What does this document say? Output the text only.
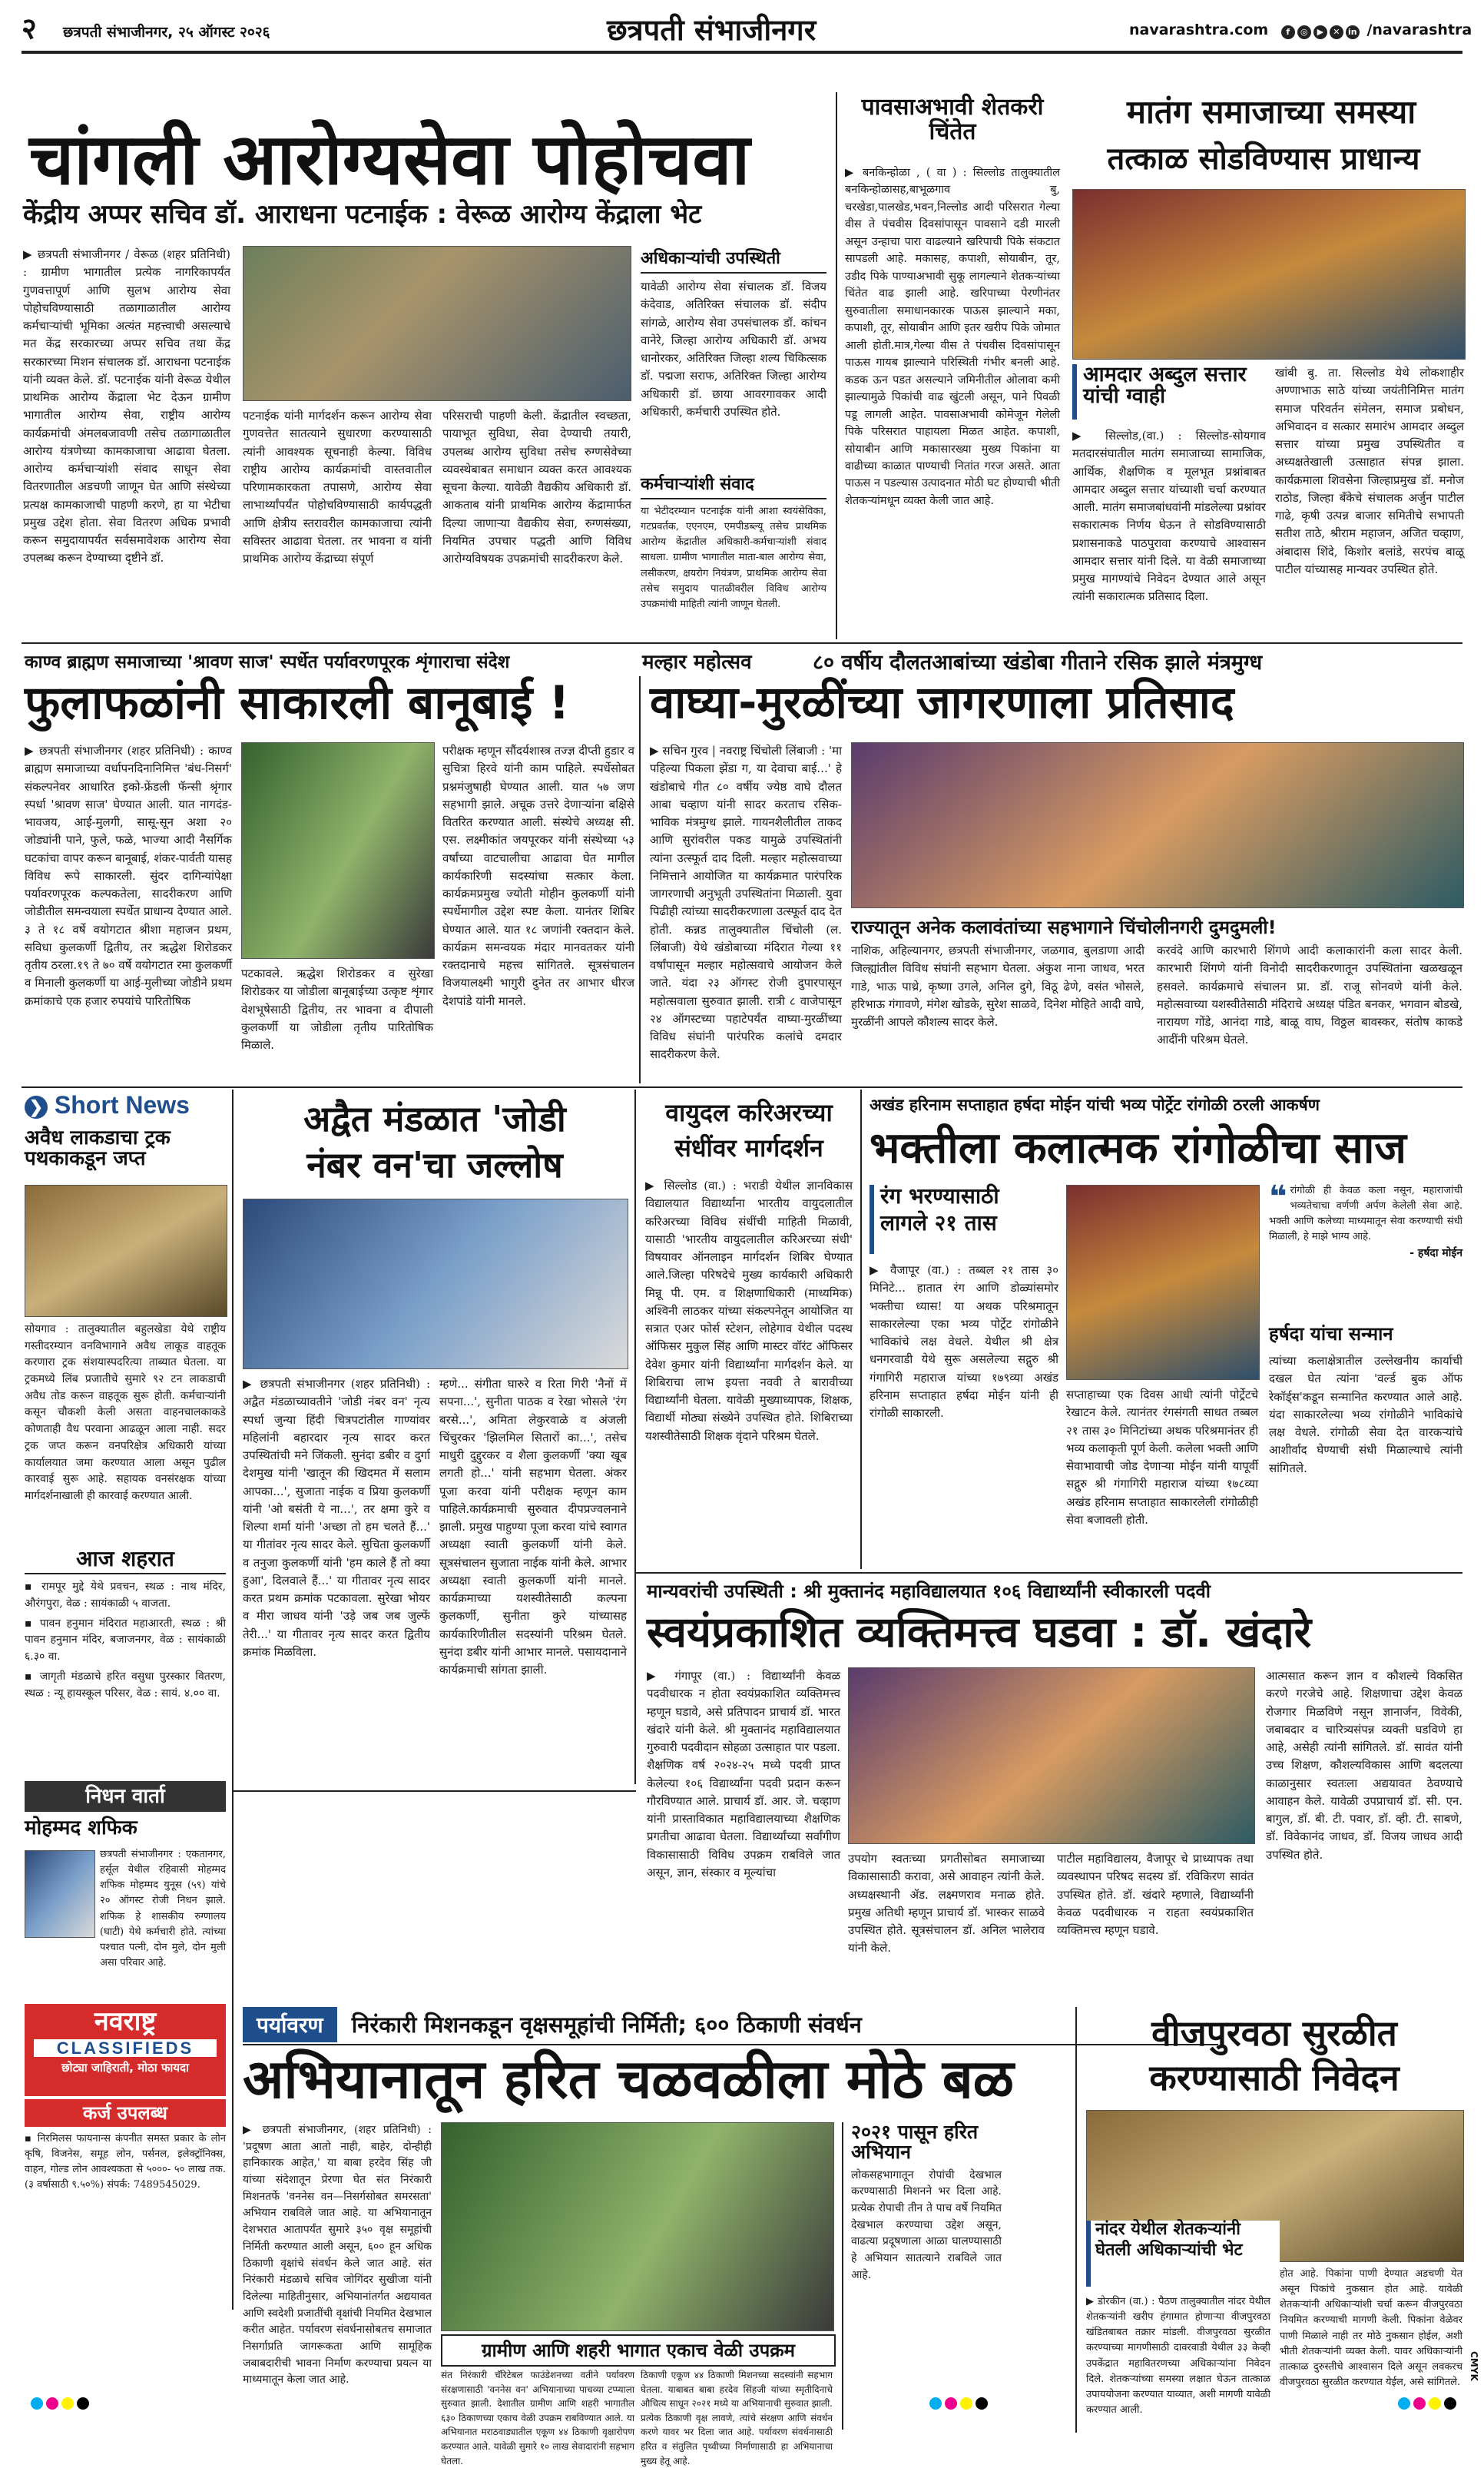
२ छत्रपती संभाजीनगर, २५ ऑगस्ट २०२६	छत्रपती संभाजीनगर	navarashtra.com f ◎ ▶ ✕ in /navarashtra
चांगली आरोग्यसेवा पोहोचवा
केंद्रीय अप्पर सचिव डॉ. आराधना पटनाईक : वेरूळ आरोग्य केंद्राला भेट
▶ छत्रपती संभाजीनगर / वेरूळ (शहर प्रतिनिधी) : ग्रामीण भागातील प्रत्येक नागरिकापर्यंत गुणवत्तापूर्ण आणि सुलभ आरोग्य सेवा पोहोचविण्यासाठी तळागाळातील आरोग्य कर्मचाऱ्यांची भूमिका अत्यंत महत्त्वाची असल्याचे मत केंद्र सरकारच्या अप्पर सचिव तथा केंद्र सरकारच्या मिशन संचालक डॉ. आराधना पटनाईक यांनी व्यक्त केले. डॉ. पटनाईक यांनी वेरूळ येथील प्राथमिक आरोग्य केंद्राला भेट देऊन ग्रामीण भागातील आरोग्य सेवा, राष्ट्रीय आरोग्य कार्यक्रमांची अंमलबजावणी तसेच तळागाळातील आरोग्य यंत्रणेच्या कामकाजाचा आढावा घेतला. आरोग्य कर्मचाऱ्यांशी संवाद साधून सेवा वितरणातील अडचणी जाणून घेत आणि संस्थेच्या प्रत्यक्ष कामकाजाची पाहणी करणे, हा या भेटीचा प्रमुख उद्देश होता. सेवा वितरण अधिक प्रभावी करून समुदायापर्यंत सर्वसमावेशक आरोग्य सेवा उपलब्ध करून देण्याच्या दृष्टीने डॉ.
पटनाईक यांनी मार्गदर्शन करून आरोग्य सेवा गुणवत्तेत सातत्याने सुधारणा करण्यासाठी त्यांनी आवश्यक सूचनाही केल्या. विविध राष्ट्रीय आरोग्य कार्यक्रमांची वास्तवातील परिणामकारकता तपासणे, आरोग्य सेवा लाभार्थ्यांपर्यंत पोहोचविण्यासाठी कार्यपद्धती आणि क्षेत्रीय स्तरावरील कामकाजाचा त्यांनी सविस्तर आढावा घेतला. तर भावना व यांनी प्राथमिक आरोग्य केंद्राच्या संपूर्ण
परिसराची पाहणी केली. केंद्रातील स्वच्छता, पायाभूत सुविधा, सेवा देण्याची तयारी, उपलब्ध आरोग्य सुविधा तसेच रुग्णसेवेच्या व्यवस्थेबाबत समाधान व्यक्त करत आवश्यक सूचना केल्या. यावेळी वैद्यकीय अधिकारी डॉ. आकताब यांनी प्राथमिक आरोग्य केंद्रामार्फत दिल्या जाणाऱ्या वैद्यकीय सेवा, रुग्णसंख्या, नियमित उपचार पद्धती आणि विविध आरोग्यविषयक उपक्रमांची सादरीकरण केले.
अधिकाऱ्यांची उपस्थिती
यावेळी आरोग्य सेवा संचालक डॉ. विजय कंदेवाड, अतिरिक्त संचालक डॉ. संदीप सांगळे, आरोग्य सेवा उपसंचालक डॉ. कांचन वानेरे, जिल्हा आरोग्य अधिकारी डॉ. अभय धानोरकर, अतिरिक्त जिल्हा शल्य चिकित्सक डॉ. पद्मजा सराफ, अतिरिक्त जिल्हा आरोग्य अधिकारी डॉ. छाया आवरगावकर आदी अधिकारी, कर्मचारी उपस्थित होते.
कर्मचाऱ्यांशी संवाद
या भेटीदरम्यान पटनाईक यांनी आशा स्वयंसेविका, गटप्रवर्तक, एएनएम, एमपीडब्ल्यू तसेच प्राथमिक आरोग्य केंद्रातील अधिकारी-कर्मचाऱ्यांशी संवाद साधला. ग्रामीण भागातील माता-बाल आरोग्य सेवा, लसीकरण, क्षयरोग नियंत्रण, प्राथमिक आरोग्य सेवा तसेच समुदाय पातळीवरील विविध आरोग्य उपक्रमांची माहिती त्यांनी जाणून घेतली.
पावसाअभावी शेतकरी चिंतेत
▶ बनकिन्होळा , ( वा ) : सिल्लोड तालुक्यातील बनकिन्होळासह,बाभूळगाव बु, चरखेडा,पालखेड,भवन,निल्लोड आदी परिसरात गेल्या वीस ते पंचवीस दिवसांपासून पावसाने दडी मारली असून उन्हाचा पारा वाढल्याने खरिपाची पिके संकटात सापडली आहे. मकासह, कपाशी, सोयाबीन, तूर, उडीद पिके पाण्याअभावी सुकू लागल्याने शेतकऱ्यांच्या चिंतेत वाढ झाली आहे. खरिपाच्या पेरणीनंतर सुरुवातीला समाधानकारक पाऊस झाल्याने मका, कपाशी, तूर, सोयाबीन आणि इतर खरीप पिके जोमात आली होती.मात्र,गेल्या वीस ते पंचवीस दिवसांपासून पाऊस गायब झाल्याने परिस्थिती गंभीर बनली आहे. कडक ऊन पडत असल्याने जमिनीतील ओलावा कमी झाल्यामुळे पिकांची वाढ खुंटली असून, पाने पिवळी पडू लागली आहेत. पावसाअभावी कोमेजून गेलेली पिके परिसरात पाहायला मिळत आहेत. कपाशी, सोयाबीन आणि मकासारख्या मुख्य पिकांना या वाढीच्या काळात पाण्याची नितांत गरज असते. आता पाऊस न पडल्यास उत्पादनात मोठी घट होण्याची भीती शेतकऱ्यांमधून व्यक्त केली जात आहे.
मातंग समाजाच्या समस्या
तत्काळ सोडविण्यास प्राधान्य
आमदार अब्दुल सत्तार यांची ग्वाही
▶ सिल्लोड,(वा.) : सिल्लोड-सोयगाव मतदारसंघातील मातंग समाजाच्या सामाजिक, आर्थिक, शैक्षणिक व मूलभूत प्रश्नांबाबत आमदार अब्दुल सत्तार यांच्याशी चर्चा करण्यात आली. मातंग समाजबांधवांनी मांडलेल्या प्रश्नांवर सकारात्मक निर्णय घेऊन ते सोडविण्यासाठी प्रशासनाकडे पाठपुरावा करण्याचे आश्वासन आमदार सत्तार यांनी दिले. या वेळी समाजाच्या प्रमुख मागण्यांचे निवेदन देण्यात आले असून त्यांनी सकारात्मक प्रतिसाद दिला.
खांबी बु. ता. सिल्लोड येथे लोकशाहीर अण्णाभाऊ साठे यांच्या जयंतीनिमित्त मातंग समाज परिवर्तन संमेलन, समाज प्रबोधन, अभिवादन व सत्कार समारंभ आमदार अब्दुल सत्तार यांच्या प्रमुख उपस्थितीत व अध्यक्षतेखाली उत्साहात संपन्न झाला. कार्यक्रमाला शिवसेना जिल्हाप्रमुख डॉ. मनोज राठोड, जिल्हा बँकेचे संचालक अर्जुन पाटील गाढे, कृषी उत्पन्न बाजार समितीचे सभापती सतीश ताठे, श्रीराम महाजन, अजित चव्हाण, अंबादास शिंदे, किशोर बलांडे, सरपंच बाळू पाटील यांच्यासह मान्यवर उपस्थित होते.
काण्व ब्राह्मण समाजाच्या 'श्रावण साज' स्पर्धेत पर्यावरणपूरक शृंगाराचा संदेश	मल्हार महोत्सव	८० वर्षीय दौलतआबांच्या खंडोबा गीताने रसिक झाले मंत्रमुग्ध
फुलाफळांनी साकारली बानूबाई !
▶ छत्रपती संभाजीनगर (शहर प्रतिनिधी) : काण्व ब्राह्मण समाजाच्या वर्धापनदिनानिमित्त 'बंध-निसर्ग' संकल्पनेवर आधारित इको-फ्रेंडली फॅन्सी श्रृंगार स्पर्धा 'श्रावण साज' घेण्यात आली. यात नागदंड-भावजय, आई-मुलगी, सासू-सून अशा २० जोड्यांनी पाने, फुले, फळे, भाज्या आदी नैसर्गिक घटकांचा वापर करून बानूबाई, शंकर-पार्वती यासह विविध रूपे साकारली. सुंदर दागिन्यांपेक्षा पर्यावरणपूरक कल्पकतेला, सादरीकरण आणि जोडीतील समन्वयाला स्पर्धेत प्राधान्य देण्यात आले. ३ ते १८ वर्षे वयोगटात श्रीशा महाजन प्रथम, सविधा कुलकर्णी द्वितीय, तर ऋद्धेश शिरोडकर तृतीय ठरला.१९ ते ७० वर्षे वयोगटात रमा कुलकर्णी व मिनाली कुलकर्णी या आई-मुलीच्या जोडीने प्रथम क्रमांकाचे एक हजार रुपयांचे पारितोषिक
पटकावले. ऋद्धेश शिरोडकर व सुरेखा शिरोडकर या जोडीला बानूबाईच्या उत्कृष्ट शृंगार वेशभूषेसाठी द्वितीय, तर भावना व दीपाली कुलकर्णी या जोडीला तृतीय पारितोषिक मिळाले.
परीक्षक म्हणून सौंदर्यशास्त्र तज्ज्ञ दीप्ती हुडार व सुचित्रा हिरवे यांनी काम पाहिले. स्पर्धेसोबत प्रश्नमंजुषाही घेण्यात आली. यात ५७ जण सहभागी झाले. अचूक उत्तरे देणाऱ्यांना बक्षिसे वितरित करण्यात आली. संस्थेचे अध्यक्ष सी. एस. लक्ष्मीकांत जयपूरकर यांनी संस्थेच्या ५३ वर्षांच्या वाटचालीचा आढावा घेत मागील कार्यकारिणी सदस्यांचा सत्कार केला. कार्यक्रमप्रमुख ज्योती मोहीन कुलकर्णी यांनी स्पर्धेमागील उद्देश स्पष्ट केला. यानंतर शिबिर घेण्यात आले. यात १८ जणांनी रक्तदान केले. कार्यक्रम समन्वयक मंदार मानवतकर यांनी रक्तदानाचे महत्त्व सांगितले. सूत्रसंचालन विजयालक्ष्मी भागुरी दुनेत तर आभार धीरज देशपांडे यांनी मानले.
वाघ्या-मुरळींच्या जागरणाला प्रतिसाद
▶ सचिन गुरव | नवराष्ट्र चिंचोली लिंबाजी : 'मा पहिल्या पिकला झेंडा ग, या देवाचा बाई...' हे खंडोबाचे गीत ८० वर्षीय ज्येष्ठ वाघे दौलत आबा चव्हाण यांनी सादर करताच रसिक-भाविक मंत्रमुग्ध झाले. गायनशैलीतील ताकद आणि सुरांवरील पकड यामुळे उपस्थितांनी त्यांना उत्स्फूर्त दाद दिली. मल्हार महोत्सवाच्या निमित्ताने आयोजित या कार्यक्रमात पारंपरिक जागरणाची अनुभूती उपस्थितांना मिळाली. युवा पिढीही त्यांच्या सादरीकरणाला उत्स्फूर्त दाद देत होती. कन्नड तालुक्यातील चिंचोली (ल. लिंबाजी) येथे खंडोबाच्या मंदिरात गेल्या ११ वर्षांपासून मल्हार महोत्सवाचे आयोजन केले जाते. यंदा २३ ऑगस्ट रोजी दुपारपासून महोत्सवाला सुरुवात झाली. रात्री ८ वाजेपासून २४ ऑगस्टच्या पहाटेपर्यंत वाघ्या-मुरळींच्या विविध संघांनी पारंपरिक कलांचे दमदार सादरीकरण केले.
राज्यातून अनेक कलावंतांच्या सहभागाने चिंचोलीनगरी दुमदुमली!
नाशिक, अहिल्यानगर, छत्रपती संभाजीनगर, जळगाव, बुलडाणा आदी जिल्ह्यांतील विविध संघांनी सहभाग घेतला. अंकुश नाना जाधव, भरत गाडे, भाऊ पाथ्रे, कृष्णा उगले, अनिल दुगे, विठू ढेणे, वसंत भोसले, हरिभाऊ गंगावणे, मंगेश खोडके, सुरेश साळवे, दिनेश मोहिते आदी वाघे, मुरळींनी आपले कौशल्य सादर केले.
करवंदे आणि कारभारी शिंगणे आदी कलाकारांनी कला सादर केली. कारभारी शिंगणे यांनी विनोदी सादरीकरणातून उपस्थितांना खळखळून हसवले. कार्यक्रमाचे संचालन प्रा. डॉ. राजू सोनवणे यांनी केले. महोत्सवाच्या यशस्वीतेसाठी मंदिराचे अध्यक्ष पंडित बनकर, भगवान बोडखे, नारायण गोंडे, आनंदा गाडे, बाळू वाघ, विठ्ठल बावस्कर, संतोष काकडे आदींनी परिश्रम घेतले.
❯ Short News
अवैध लाकडाचा ट्रक पथकाकडून जप्त
सोयगाव : तालुक्यातील बहुलखेडा येथे राष्ट्रीय गस्तीदरम्यान वनविभागाने अवैध लाकूड वाहतूक करणारा ट्रक संशयास्पदरित्या ताब्यात घेतला. या ट्रकमध्ये लिंब प्रजातीचे सुमारे ९२ टन लाकडाची अवैध तोड करून वाहतूक सुरू होती. कर्मचाऱ्यांनी कसून चौकशी केली असता वाहनचालकाकडे कोणताही वैध परवाना आढळून आला नाही. सदर ट्रक जप्त करून वनपरिक्षेत्र अधिकारी यांच्या कार्यालयात जमा करण्यात आला असून पुढील कारवाई सुरू आहे. सहायक वनसंरक्षक यांच्या मार्गदर्शनाखाली ही कारवाई करण्यात आली.
आज शहरात
▪ रामपूर मुद्दे येथे प्रवचन, स्थळ : नाथ मंदिर, औरंगपुरा, वेळ : सायंकाळी ५ वाजता.
▪ पावन हनुमान मंदिरात महाआरती, स्थळ : श्री पावन हनुमान मंदिर, बजाजनगर, वेळ : सायंकाळी ६.३० वा.
▪ जागृती मंडळाचे हरित वसुधा पुरस्कार वितरण, स्थळ : न्यू हायस्कूल परिसर, वेळ : सायं. ४.०० वा.
निधन वार्ता
मोहम्मद शफिक
छत्रपती संभाजीनगर : एकतानगर, हर्सूल येथील रहिवासी मोहम्मद शफिक मोहम्मद युनूस (५९) यांचे २० ऑगस्ट रोजी निधन झाले. शफिक हे शासकीय रुग्णालय (घाटी) येथे कर्मचारी होते. त्यांच्या पश्चात पत्नी, दोन मुले, दोन मुली असा परिवार आहे.
नवराष्ट्र
CLASSIFIEDS
छोट्या जाहिराती, मोठा फायदा
कर्ज उपलब्ध
▪ निरमिलस फायनान्स कंपनीत समस्त प्रकार के लोन कृषि, विजनेस, समूह लोन, पर्सनल, इलेक्ट्रॉनिक्स, वाहन, गोल्ड लोन आवश्यकता से ५०००- ५० लाख तक. (३ वर्षासाठी ९.५०%) संपर्क: 7489545029.
अद्वैत मंडळात 'जोडी
नंबर वन'चा जल्लोष
▶ छत्रपती संभाजीनगर (शहर प्रतिनिधी) : अद्वैत मंडळाच्यावतीने 'जोडी नंबर वन' नृत्य स्पर्धा जुन्या हिंदी चित्रपटांतील गाण्यांवर महिलांनी बहारदार नृत्य सादर करत उपस्थितांची मने जिंकली. सुनंदा डबीर व दुर्गा देशमुख यांनी 'खातून की खिदमत में सलाम आपका...', सुजाता नाईक व प्रिया कुलकर्णी यांनी 'ओ बसंती ये ना...', तर क्षमा कुरे व शिल्पा शर्मा यांनी 'अच्छा तो हम चलते हैं...' या गीतांवर नृत्य सादर केले. सुचिता कुलकर्णी व तनुजा कुलकर्णी यांनी 'हम काले हैं तो क्या हुआ', दिलवाले हैं...' या गीतावर नृत्य सादर करत प्रथम क्रमांक पटकावला. सुरेखा भोयर व मीरा जाधव यांनी 'उड़े जब जब जुल्फें तेरी...' या गीतावर नृत्य सादर करत द्वितीय क्रमांक मिळविला.
म्हणे... संगीता घारुरे व रिता गिरी 'नैनों में सपना...', सुनीता पाठक व रेखा भोसले 'रंग बरसे...', अमिता लेकुरवाळे व अंजली चिंचुरकर 'झिलमिल सितारों का...', तसेच माधुरी दुद्दुरकर व शैला कुलकर्णी 'क्या खूब लगती हो...' यांनी सहभाग घेतला. अंकर पूजा करवा यांनी परीक्षक म्हणून काम पाहिले.कार्यक्रमाची सुरुवात दीपप्रज्वलनाने झाली. प्रमुख पाहुण्या पूजा करवा यांचे स्वागत अध्यक्षा स्वाती कुलकर्णी यांनी केले. सूत्रसंचालन सुजाता नाईक यांनी केले. आभार अध्यक्षा स्वाती कुलकर्णी यांनी मानले. कार्यक्रमाच्या यशस्वीतेसाठी कल्पना कुलकर्णी, सुनीता कुरे यांच्यासह कार्यकारिणीतील सदस्यांनी परिश्रम घेतले. सुनंदा डबीर यांनी आभार मानले. पसायदानाने कार्यक्रमाची सांगता झाली.
वायुदल करिअरच्या
संधींवर मार्गदर्शन
▶ सिल्लोड (वा.) : भराडी येथील ज्ञानविकास विद्यालयात विद्यार्थ्यांना भारतीय वायुदलातील करिअरच्या विविध संधींची माहिती मिळावी, यासाठी 'भारतीय वायुदलातील करिअरच्या संधी' विषयावर ऑनलाइन मार्गदर्शन शिबिर घेण्यात आले.जिल्हा परिषदेचे मुख्य कार्यकारी अधिकारी मिन्नू पी. एम. व शिक्षणाधिकारी (माध्यमिक) अश्विनी लाठकर यांच्या संकल्पनेतून आयोजित या सत्रात एअर फोर्स स्टेशन, लोहेगाव येथील पदस्थ ऑफिसर मुकुल सिंह आणि मास्टर वॉरंट ऑफिसर देवेश कुमार यांनी विद्यार्थ्यांना मार्गदर्शन केले. या शिबिराचा लाभ इयत्ता नववी ते बारावीच्या विद्यार्थ्यांनी घेतला. यावेळी मुख्याध्यापक, शिक्षक, विद्यार्थी मोठ्या संख्येने उपस्थित होते. शिबिराच्या यशस्वीतेसाठी शिक्षक वृंदाने परिश्रम घेतले.
अखंड हरिनाम सप्ताहात हर्षदा मोईन यांची भव्य पोर्ट्रेट रांगोळी ठरली आकर्षण
भक्तीला कलात्मक रांगोळीचा साज
रंग भरण्यासाठी
लागले २१ तास
❝ रांगोळी ही केवळ कला नसून, महाराजांची भव्यतेचाचा वर्णणी अर्पण केलेली सेवा आहे. भक्ती आणि कलेच्या माध्यमातून सेवा करण्याची संधी मिळाली, हे माझे भाग्य आहे.
- हर्षदा मोईन
▶ वैजापूर (वा.) : तब्बल २१ तास ३० मिनिटे... हातात रंग आणि डोळ्यांसमोर भक्तीचा ध्यास! या अथक परिश्रमातून साकारलेल्या एका भव्य पोर्ट्रेट रांगोळीने भाविकांचे लक्ष वेधले. येथील श्री क्षेत्र धनगरवाडी येथे सुरू असलेल्या सद्गुरु श्री गंगागिरी महाराज यांच्या १७९व्या अखंड हरिनाम सप्ताहात हर्षदा मोईन यांनी ही रांगोळी साकारली.
सप्ताहाच्या एक दिवस आधी त्यांनी पोर्ट्रेटचे रेखाटन केले. त्यानंतर रंगसंगती साधत तब्बल २१ तास ३० मिनिटांच्या अथक परिश्रमानंतर ही भव्य कलाकृती पूर्ण केली. कलेला भक्ती आणि सेवाभावाची जोड देणाऱ्या मोईन यांनी यापूर्वी सद्गुरु श्री गंगागिरी महाराज यांच्या १७८व्या अखंड हरिनाम सप्ताहात साकारलेली रांगोळीही सेवा बजावली होती.
हर्षदा यांचा सन्मान
त्यांच्या कलाक्षेत्रातील उल्लेखनीय कार्याची दखल घेत त्यांना 'वर्ल्ड बुक ऑफ रेकॉर्ड्स'कडून सन्मानित करण्यात आले आहे. यंदा साकारलेल्या भव्य रांगोळीने भाविकांचे लक्ष वेधले. रांगोळी सेवा देत वारकऱ्यांचे आशीर्वाद घेण्याची संधी मिळाल्याचे त्यांनी सांगितले.
मान्यवरांची उपस्थिती : श्री मुक्तानंद महाविद्यालयात १०६ विद्यार्थ्यांनी स्वीकारली पदवी
स्वयंप्रकाशित व्यक्तिमत्त्व घडवा : डॉ. खंदारे
▶ गंगापूर (वा.) : विद्यार्थ्यांनी केवळ पदवीधारक न होता स्वयंप्रकाशित व्यक्तिमत्त्व म्हणून घडावे, असे प्रतिपादन प्राचार्य डॉ. भारत खंदारे यांनी केले. श्री मुक्तानंद महाविद्यालयात गुरुवारी पदवीदान सोहळा उत्साहात पार पडला. शैक्षणिक वर्ष २०२४-२५ मध्ये पदवी प्राप्त केलेल्या १०६ विद्यार्थ्यांना पदवी प्रदान करून गौरविण्यात आले. प्राचार्य डॉ. आर. जे. चव्हाण यांनी प्रास्ताविकात महाविद्यालयाच्या शैक्षणिक प्रगतीचा आढावा घेतला. विद्यार्थ्यांच्या सर्वांगीण विकासासाठी विविध उपक्रम राबविले जात असून, ज्ञान, संस्कार व मूल्यांचा
उपयोग स्वतःच्या प्रगतीसोबत समाजाच्या विकासासाठी करावा, असे आवाहन त्यांनी केले. अध्यक्षस्थानी ॲड. लक्ष्मणराव मनाळ होते. प्रमुख अतिथी म्हणून प्राचार्य डॉ. भास्कर साळवे उपस्थित होते. सूत्रसंचालन डॉ. अनिल भालेराव यांनी केले.
पाटील महाविद्यालय, वैजापूर चे प्राध्यापक तथा व्यवस्थापन परिषद सदस्य डॉ. रविकिरण सावंत उपस्थित होते. डॉ. खंदारे म्हणाले, विद्यार्थ्यांनी केवळ पदवीधारक न राहता स्वयंप्रकाशित व्यक्तिमत्त्व म्हणून घडावे.
आत्मसात करून ज्ञान व कौशल्ये विकसित करणे गरजेचे आहे. शिक्षणाचा उद्देश केवळ रोजगार मिळविणे नसून ज्ञानार्जन, विवेकी, जबाबदार व चारित्र्यसंपन्न व्यक्ती घडविणे हा आहे, असेही त्यांनी सांगितले. डॉ. सावंत यांनी उच्च शिक्षण, कौशल्यविकास आणि बदलत्या काळानुसार स्वतःला अद्ययावत ठेवण्याचे आवाहन केले. यावेळी उपप्राचार्य डॉ. सी. एन. बागुल, डॉ. बी. टी. पवार, डॉ. व्ही. टी. साबणे, डॉ. विवेकानंद जाधव, डॉ. विजय जाधव आदी उपस्थित होते.
पर्यावरण निरंकारी मिशनकडून वृक्षसमूहांची निर्मिती; ६०० ठिकाणी संवर्धन
अभियानातून हरित चळवळीला मोठे बळ
▶ छत्रपती संभाजीनगर, (शहर प्रतिनिधी) : 'प्रदूषण आता आतो नाही, बाहेर, दोन्हीही हानिकारक आहेत,' या बाबा हरदेव सिंह जी यांच्या संदेशातून प्रेरणा घेत संत निरंकारी मिशनतर्फे 'वननेस वन—निसर्गसोबत समरसता' अभियान राबविले जात आहे. या अभियानातून देशभरात आतापर्यंत सुमारे ३५० वृक्ष समूहांची निर्मिती करण्यात आली असून, ६०० हून अधिक ठिकाणी वृक्षांचे संवर्धन केले जात आहे. संत निरंकारी मंडळाचे सचिव जोगिंदर सुखीजा यांनी दिलेल्या माहितीनुसार, अभियानांतर्गत अद्ययावत आणि स्वदेशी प्रजातींची वृक्षांची नियमित देखभाल करीत आहेत. पर्यावरण संवर्धनासोबतच समाजात निसर्गाप्रति जागरूकता आणि सामूहिक जबाबदारीची भावना निर्माण करण्याचा प्रयत्न या माध्यमातून केला जात आहे.
ग्रामीण आणि शहरी भागात एकाच वेळी उपक्रम
संत निरंकारी चॅरिटेबल फाउंडेशनच्या वतीने पर्यावरण संरक्षणासाठी 'वननेस वन' अभियानाच्या पाचव्या टप्प्याला सुरुवात झाली. देशातील ग्रामीण आणि शहरी भागातील ६३० ठिकाणच्या एकाच वेळी उपक्रम राबविण्यात आले. या अभियानात मराठवाड्यातील एकूण ४४ ठिकाणी वृक्षारोपण करण्यात आले. यावेळी सुमारे १० लाख सेवादारांनी सहभाग घेतला.
ठिकाणी एकूण ४४ ठिकाणी मिशनच्या सदस्यांनी सहभाग घेतला. याबाबत बाबा हरदेव सिंहजी यांच्या स्मृतीदिनाचे औचित्य साधून २०२१ मध्ये या अभियानाची सुरुवात झाली. प्रत्येक ठिकाणी वृक्ष लावणे, त्यांचे संरक्षण आणि संवर्धन करणे यावर भर दिला जात आहे. पर्यावरण संवर्धनासाठी हरित व संतुलित पृथ्वीच्या निर्माणासाठी हा अभियानाचा मुख्य हेतू आहे.
२०२१ पासून हरित अभियान
लोकसहभागातून रोपांची देखभाल करण्यासाठी मिशनने भर दिला आहे. प्रत्येक रोपाची तीन ते पाच वर्षे नियमित देखभाल करण्याचा उद्देश असून, वाढत्या प्रदूषणाला आळा घालण्यासाठी हे अभियान सातत्याने राबविले जात आहे.
वीजपुरवठा सुरळीत
करण्यासाठी निवेदन
नांदर येथील शेतकऱ्यांनी
घेतली अधिकाऱ्यांची भेट
▶ डोरकीन (वा.) : पैठण तालुक्यातील नांदर येथील शेतकऱ्यांनी खरीप हंगामात होणाऱ्या वीजपुरवठा खंडितबाबत तक्रार मांडली. वीजपुरवठा सुरळीत करण्याच्या मागणीसाठी दावरवाडी येथील ३३ केव्ही उपकेंद्रात महावितरणच्या अधिकाऱ्यांना निवेदन दिले. शेतकऱ्यांच्या समस्या लक्षात घेऊन तात्काळ उपाययोजना करण्यात याव्यात, अशी मागणी यावेळी करण्यात आली.
होत आहे. पिकांना पाणी देण्यात अडचणी येत असून पिकांचे नुकसान होत आहे. यावेळी शेतकऱ्यांनी अधिकाऱ्यांशी चर्चा करून वीजपुरवठा नियमित करण्याची मागणी केली. पिकांना वेळेवर पाणी मिळाले नाही तर मोठे नुकसान होईल, अशी भीती शेतकऱ्यांनी व्यक्त केली. यावर अधिकाऱ्यांनी तात्काळ दुरुस्तीचे आश्वासन दिले असून लवकरच वीजपुरवठा सुरळीत करण्यात येईल, असे सांगितले.
CMYK
